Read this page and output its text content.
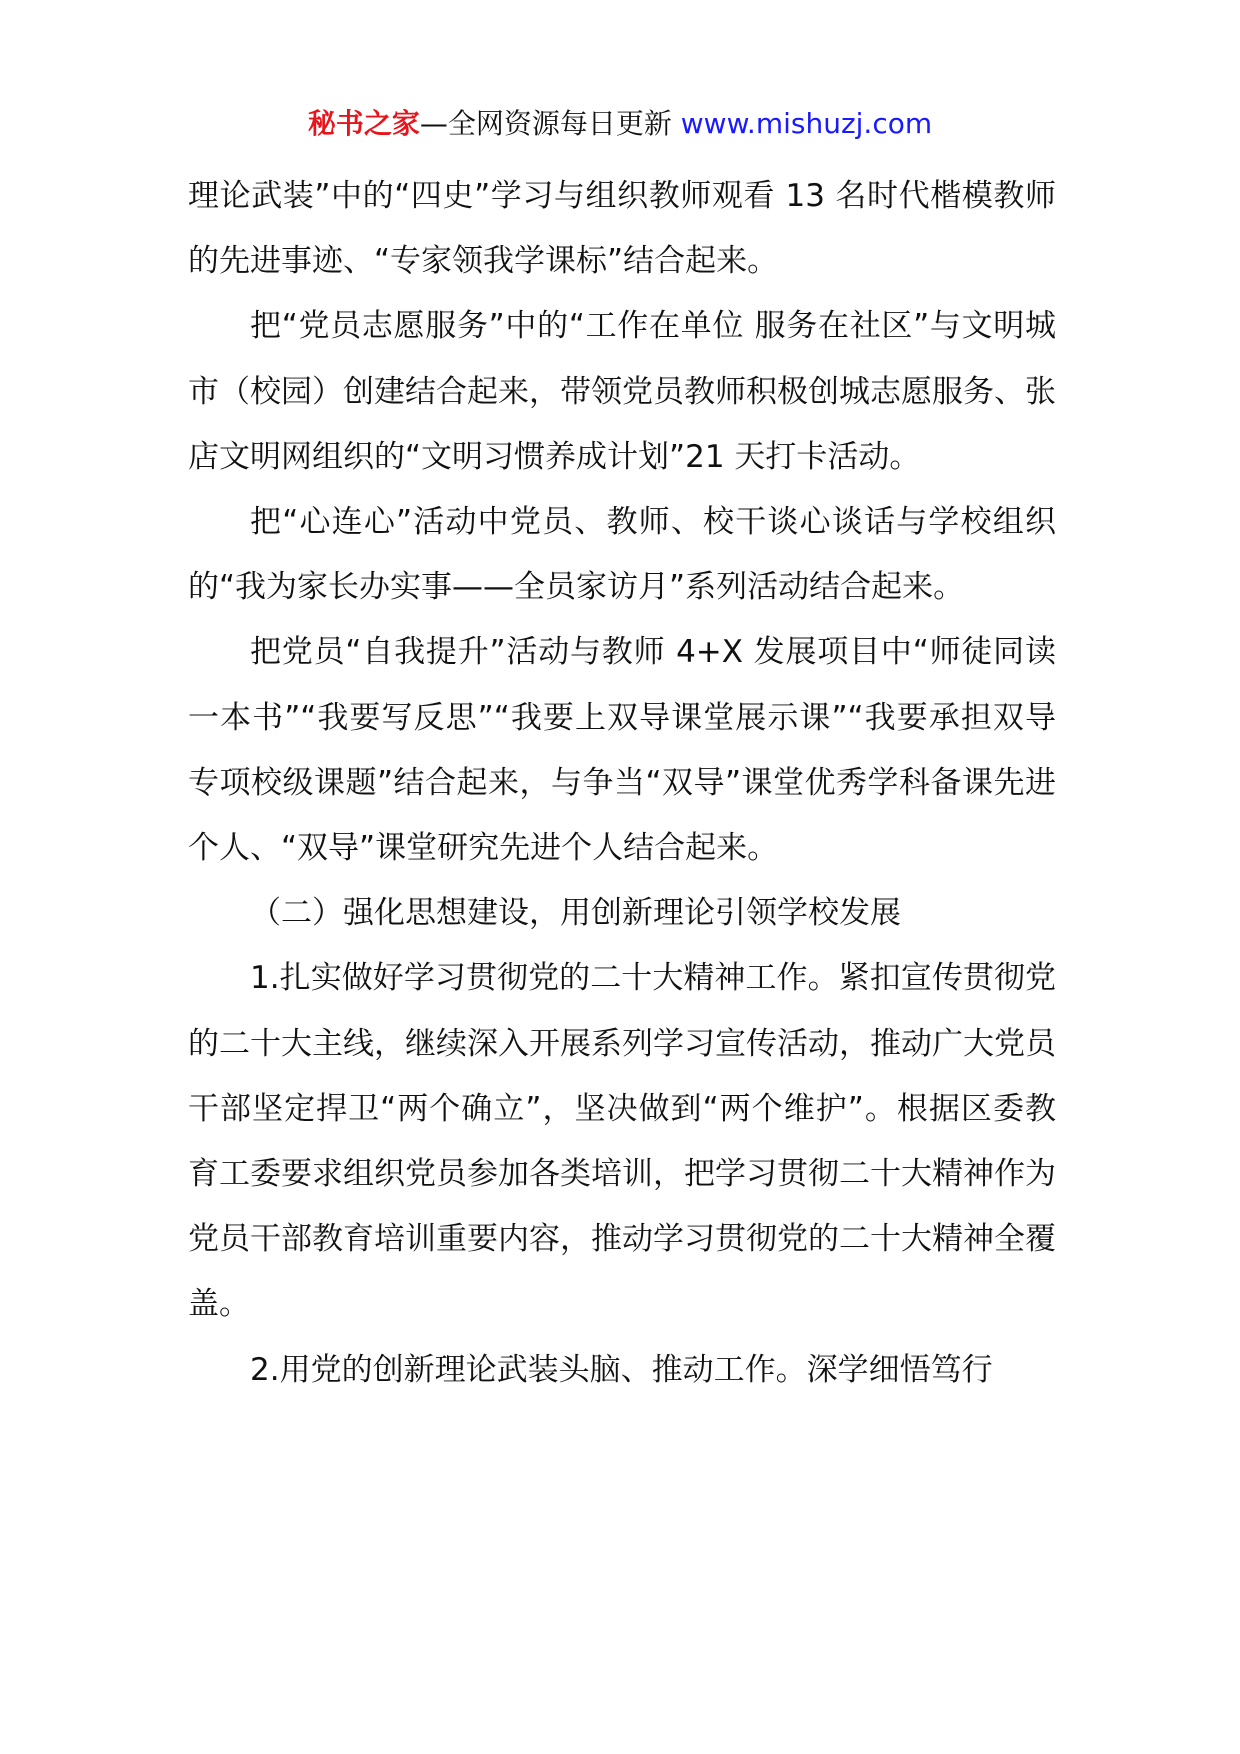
秘书之家—全网资源每日更新 www.mishuzj.com

理论武装”中的“四史”学习与组织教师观看 13 名时代楷模教师的先进事迹、“专家领我学课标”结合起来。

把“党员志愿服务”中的“工作在单位 服务在社区”与文明城市（校园）创建结合起来，带领党员教师积极创城志愿服务、张店文明网组织的“文明习惯养成计划”21 天打卡活动。

把“心连心”活动中党员、教师、校干谈心谈话与学校组织的“我为家长办实事——全员家访月”系列活动结合起来。

把党员“自我提升”活动与教师 4+X 发展项目中“师徒同读一本书”“我要写反思”“我要上双导课堂展示课”“我要承担双导专项校级课题”结合起来，与争当“双导”课堂优秀学科备课先进个人、“双导”课堂研究先进个人结合起来。

（二）强化思想建设，用创新理论引领学校发展

1.扎实做好学习贯彻党的二十大精神工作。紧扣宣传贯彻党的二十大主线，继续深入开展系列学习宣传活动，推动广大党员干部坚定捍卫“两个确立”，坚决做到“两个维护”。根据区委教育工委要求组织党员参加各类培训，把学习贯彻二十大精神作为党员干部教育培训重要内容，推动学习贯彻党的二十大精神全覆盖。

2.用党的创新理论武装头脑、推动工作。深学细悟笃行
